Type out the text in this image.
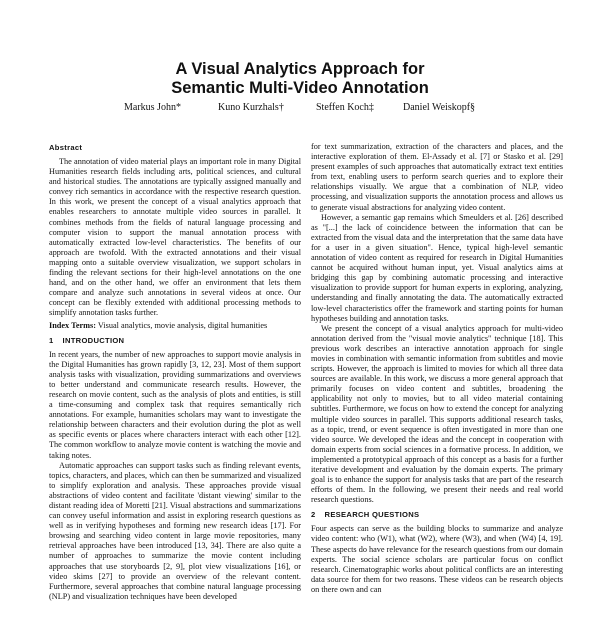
A Visual Analytics Approach for
Semantic Multi-Video Annotation
Markus John*	Kuno Kurzhals†	Steffen Koch‡	Daniel Weiskopf§
Abstract

The annotation of video material plays an important role in many Digital Humanities research fields including arts, political sciences, and cultural and historical studies. The annotations are typically assigned manually and convey rich semantics in accordance with the respective research question. In this work, we present the concept of a visual analytics approach that enables researchers to annotate multiple video sources in parallel. It combines methods from the fields of natural language processing and computer vision to support the manual annotation process with automatically extracted low-level characteristics. The benefits of our approach are twofold. With the extracted annotations and their visual mapping onto a suitable overview visualization, we support scholars in finding the relevant sections for their high-level annotations on the one hand, and on the other hand, we offer an environment that lets them compare and analyze such annotations in several videos at once. Our concept can be flexibly extended with additional processing methods to simplify annotation tasks further.

Index Terms: Visual analytics, movie analysis, digital humanities

1 INTRODUCTION

In recent years, the number of new approaches to support movie analysis in the Digital Humanities has grown rapidly [3, 12, 23]. Most of them support analysis tasks with visualization, providing summarizations and overviews to better understand and communicate research results. However, the research on movie content, such as the analysis of plots and entities, is still a time-consuming and complex task that requires semantically rich annotations. For example, humanities scholars may want to investigate the relationship between characters and their evolution during the plot as well as specific events or places where characters interact with each other [12]. The common workflow to analyze movie content is watching the movie and taking notes.

Automatic approaches can support tasks such as finding relevant events, topics, characters, and places, which can then be summarized and visualized to simplify exploration and analysis. These approaches provide visual abstractions of video content and facilitate 'distant viewing' similar to the distant reading idea of Moretti [21]. Visual abstractions and summarizations can convey useful information and assist in exploring research questions as well as in verifying hypotheses and forming new research ideas [17]. For browsing and searching video content in large movie repositories, many retrieval approaches have been introduced [13, 34]. There are also quite a number of approaches to summarize the movie content including approaches that use storyboards [2, 9], plot view visualizations [16], or video skims [27] to provide an overview of the relevant content. Furthermore, several approaches that combine natural language processing (NLP) and visualization techniques have been developed

for text summarization, extraction of the characters and places, and the interactive exploration of them. El-Assady et al. [7] or Stasko et al. [29] present examples of such approaches that automatically extract text entities from text, enabling users to perform search queries and to explore their relationships visually. We argue that a combination of NLP, video processing, and visualization supports the annotation process and allows us to generate visual abstractions for analyzing video content.

However, a semantic gap remains which Smeulders et al. [26] described as "[...] the lack of coincidence between the information that can be extracted from the visual data and the interpretation that the same data have for a user in a given situation". Hence, typical high-level semantic annotation of video content as required for research in Digital Humanities cannot be acquired without human input, yet. Visual analytics aims at bridging this gap by combining automatic processing and interactive visualization to provide support for human experts in exploring, analyzing, understanding and finally annotating the data. The automatically extracted low-level characteristics offer the framework and starting points for human hypotheses building and annotation tasks.

We present the concept of a visual analytics approach for multi-video annotation derived from the "visual movie analytics" technique [18]. This previous work describes an interactive annotation approach for single movies in combination with semantic information from subtitles and movie scripts. However, the approach is limited to movies for which all three data sources are available. In this work, we discuss a more general approach that primarily focuses on video content and subtitles, broadening the applicability not only to movies, but to all video material containing subtitles. Furthermore, we focus on how to extend the concept for analyzing multiple video sources in parallel. This supports additional research tasks, as a topic, trend, or event sequence is often investigated in more than one video source. We developed the ideas and the concept in cooperation with domain experts from social sciences in a formative process. In addition, we implemented a prototypical approach of this concept as a basis for a further iterative development and evaluation by the domain experts. The primary goal is to enhance the support for analysis tasks that are part of the research efforts of them. In the following, we present their needs and real world research questions.

2 RESEARCH QUESTIONS

Four aspects can serve as the building blocks to summarize and analyze video content: who (W1), what (W2), where (W3), and when (W4) [4, 19]. These aspects do have relevance for the research questions from our domain experts. The social science scholars are particular focus on conflict research. Cinematographic works about political conflicts are an interesting data source for them for two reasons. These videos can be research objects on there own and can
